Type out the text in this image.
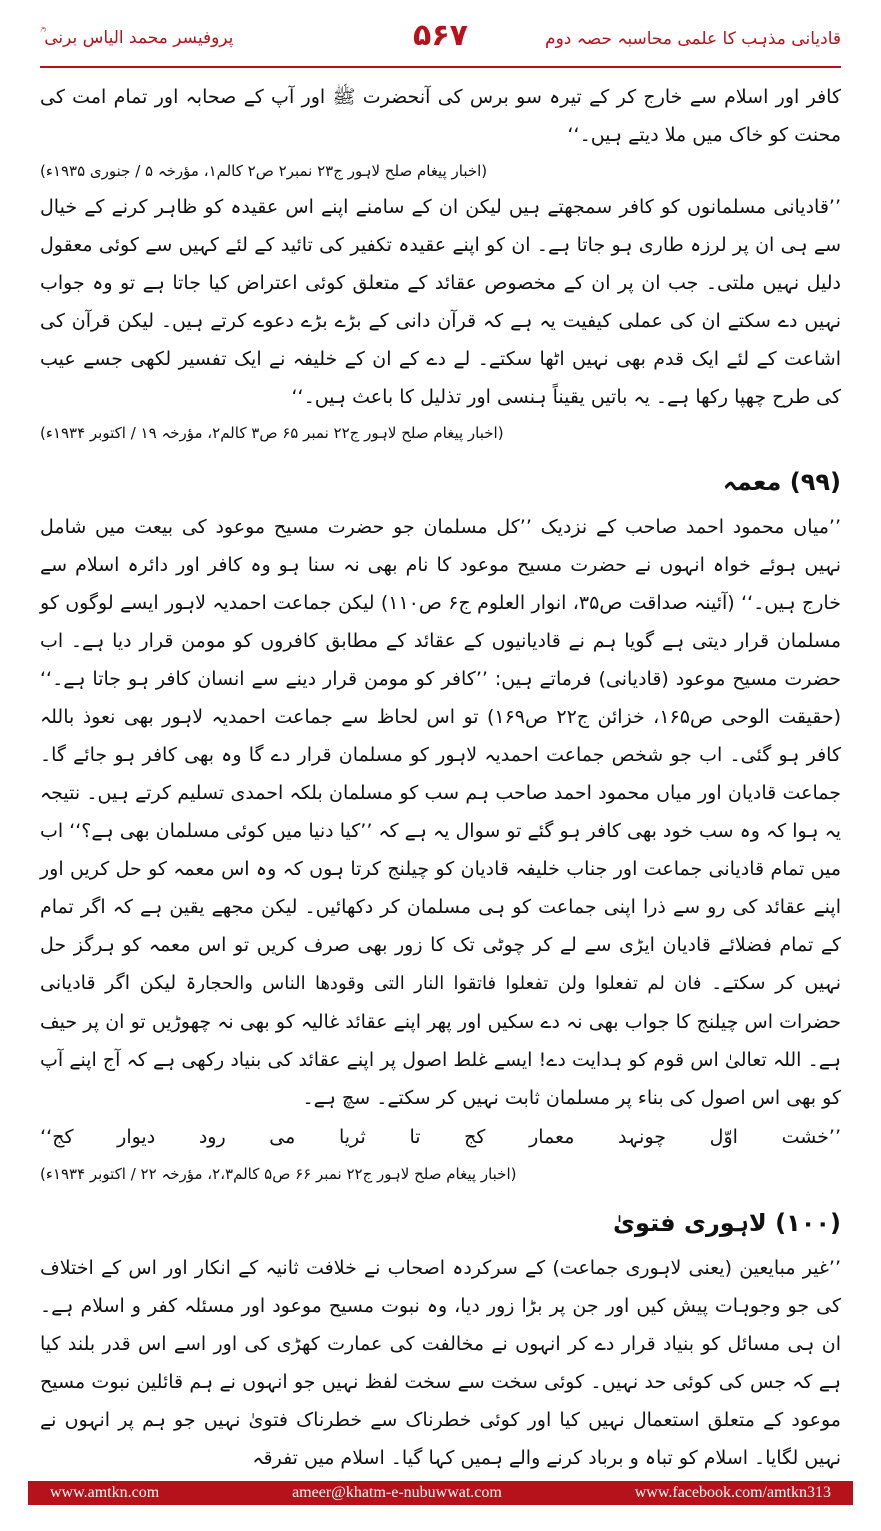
قادیانی مذہب کا علمی محاسبہ حصہ دوم
۵۶۷
پروفیسر محمد الیاس برنی ؒ

کافر اور اسلام سے خارج کر کے تیرہ سو برس کی آنحضرت ﷺ اور آپ کے صحابہ اور تمام امت کی محنت کو خاک میں ملا دیتے ہیں۔‘‘

(اخبار پیغام صلح لاہور ج۲۳ نمبر۲ ص۲ کالم۱، مؤرخہ ۵ / جنوری ۱۹۳۵ء)

’’قادیانی مسلمانوں کو کافر سمجھتے ہیں لیکن ان کے سامنے اپنے اس عقیدہ کو ظاہر کرنے کے خیال سے ہی ان پر لرزہ طاری ہو جاتا ہے۔ ان کو اپنے عقیدہ تکفیر کی تائید کے لئے کہیں سے کوئی معقول دلیل نہیں ملتی۔ جب ان پر ان کے مخصوص عقائد کے متعلق کوئی اعتراض کیا جاتا ہے تو وہ جواب نہیں دے سکتے ان کی عملی کیفیت یہ ہے کہ قرآن دانی کے بڑے بڑے دعوے کرتے ہیں۔ لیکن قرآن کی اشاعت کے لئے ایک قدم بھی نہیں اٹھا سکتے۔ لے دے کے ان کے خلیفہ نے ایک تفسیر لکھی جسے عیب کی طرح چھپا رکھا ہے۔ یہ باتیں یقیناً ہنسی اور تذلیل کا باعث ہیں۔‘‘

(اخبار پیغام صلح لاہور ج۲۲ نمبر ۶۵ ص۳ کالم۲، مؤرخہ ۱۹ / اکتوبر ۱۹۳۴ء)

(۹۹) معمہ

’’میاں محمود احمد صاحب کے نزدیک ’’کل مسلمان جو حضرت مسیح موعود کی بیعت میں شامل نہیں ہوئے خواہ انہوں نے حضرت مسیح موعود کا نام بھی نہ سنا ہو وہ کافر اور دائرہ اسلام سے خارج ہیں۔‘‘ (آئینہ صداقت ص۳۵، انوار العلوم ج۶ ص۱۱۰) لیکن جماعت احمدیہ لاہور ایسے لوگوں کو مسلمان قرار دیتی ہے گویا ہم نے قادیانیوں کے عقائد کے مطابق کافروں کو مومن قرار دیا ہے۔ اب حضرت مسیح موعود (قادیانی) فرماتے ہیں: ’’کافر کو مومن قرار دینے سے انسان کافر ہو جاتا ہے۔‘‘ (حقیقت الوحی ص۱۶۵، خزائن ج۲۲ ص۱۶۹) تو اس لحاظ سے جماعت احمدیہ لاہور بھی نعوذ باللہ کافر ہو گئی۔ اب جو شخص جماعت احمدیہ لاہور کو مسلمان قرار دے گا وہ بھی کافر ہو جائے گا۔ جماعت قادیان اور میاں محمود احمد صاحب ہم سب کو مسلمان بلکہ احمدی تسلیم کرتے ہیں۔ نتیجہ یہ ہوا کہ وہ سب خود بھی کافر ہو گئے تو سوال یہ ہے کہ ’’کیا دنیا میں کوئی مسلمان بھی ہے؟‘‘ اب میں تمام قادیانی جماعت اور جناب خلیفہ قادیان کو چیلنج کرتا ہوں کہ وہ اس معمہ کو حل کریں اور اپنے عقائد کی رو سے ذرا اپنی جماعت کو ہی مسلمان کر دکھائیں۔ لیکن مجھے یقین ہے کہ اگر تمام کے تمام فضلائے قادیان ایڑی سے لے کر چوٹی تک کا زور بھی صرف کریں تو اس معمہ کو ہرگز حل نہیں کر سکتے۔ فان لم تفعلوا ولن تفعلوا فاتقوا النار التی وقودھا الناس والحجارۃ لیکن اگر قادیانی حضرات اس چیلنج کا جواب بھی نہ دے سکیں اور پھر اپنے عقائد غالیہ کو بھی نہ چھوڑیں تو ان پر حیف ہے۔ اللہ تعالیٰ اس قوم کو ہدایت دے! ایسے غلط اصول پر اپنے عقائد کی بنیاد رکھی ہے کہ آج اپنے آپ کو بھی اس اصول کی بناء پر مسلمان ثابت نہیں کر سکتے۔ سچ ہے۔

’’خشت
اوّل
چونہد
معمار
کج
تا
ثریا
می
رود
دیوار
کج‘‘

(اخبار پیغام صلح لاہور ج۲۲ نمبر ۶۶ ص۵ کالم۲،۳، مؤرخہ ۲۲ / اکتوبر ۱۹۳۴ء)

(۱۰۰) لاہوری فتویٰ

’’غیر مبایعین (یعنی لاہوری جماعت) کے سرکردہ اصحاب نے خلافت ثانیہ کے انکار اور اس کے اختلاف کی جو وجوہات پیش کیں اور جن پر بڑا زور دیا، وہ نبوت مسیح موعود اور مسئلہ کفر و اسلام ہے۔ ان ہی مسائل کو بنیاد قرار دے کر انہوں نے مخالفت کی عمارت کھڑی کی اور اسے اس قدر بلند کیا ہے کہ جس کی کوئی حد نہیں۔ کوئی سخت سے سخت لفظ نہیں جو انہوں نے ہم قائلین نبوت مسیح موعود کے متعلق استعمال نہیں کیا اور کوئی خطرناک سے خطرناک فتویٰ نہیں جو ہم پر انہوں نے نہیں لگایا۔ اسلام کو تباہ و برباد کرنے والے ہمیں کہا گیا۔ اسلام میں تفرقہ

www.amtkn.com	ameer@khatm-e-nubuwwat.com	www.facebook.com/amtkn313
